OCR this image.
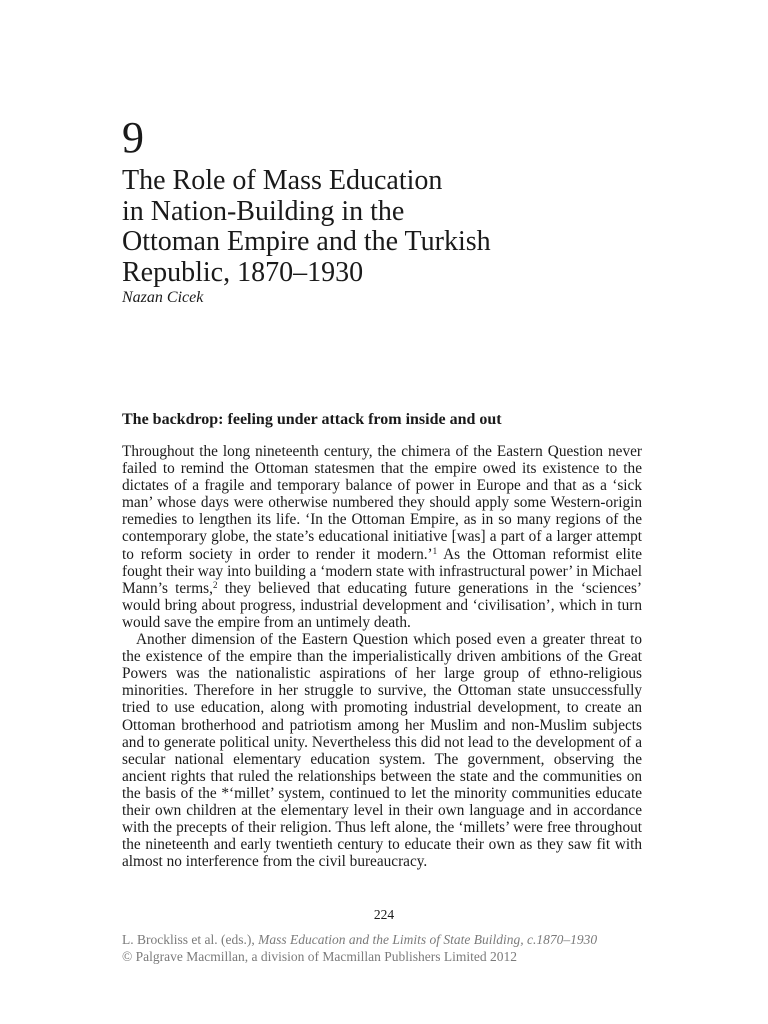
9
The Role of Mass Education
in Nation-Building in the
Ottoman Empire and the Turkish
Republic, 1870–1930

Nazan Cicek

The backdrop: feeling under attack from inside and out

Throughout the long nineteenth century, the chimera of the Eastern Question never failed to remind the Ottoman statesmen that the empire owed its existence to the dictates of a fragile and temporary balance of power in Europe and that as a ‘sick man’ whose days were otherwise numbered they should apply some Western-origin remedies to lengthen its life. ‘In the Ottoman Empire, as in so many regions of the contemporary globe, the state’s educational initiative [was] a part of a larger attempt to reform society in order to render it modern.’$^1$ As the Ottoman reformist elite fought their way into building a ‘modern state with infrastructural power’ in Michael Mann’s terms,$^2$ they believed that educating future generations in the ‘sciences’ would bring about progress, industrial development and ‘civilisation’, which in turn would save the empire from an untimely death.

Another dimension of the Eastern Question which posed even a greater threat to the existence of the empire than the imperialistically driven ambitions of the Great Powers was the nationalistic aspirations of her large group of ethno-religious minorities. Therefore in her struggle to survive, the Ottoman state unsuccessfully tried to use education, along with promoting industrial development, to create an Ottoman brotherhood and patriotism among her Muslim and non-Muslim subjects and to generate political unity. Nevertheless this did not lead to the development of a secular national elementary education system. The government, observing the ancient rights that ruled the relationships between the state and the communities on the basis of the *‘millet’ system, continued to let the minority communities educate their own children at the elementary level in their own language and in accordance with the precepts of their religion. Thus left alone, the ‘millets’ were free throughout the nineteenth and early twentieth century to educate their own as they saw fit with almost no interference from the civil bureaucracy.

224
L. Brockliss et al. (eds.), Mass Education and the Limits of State Building, c.1870–1930
© Palgrave Macmillan, a division of Macmillan Publishers Limited 2012
